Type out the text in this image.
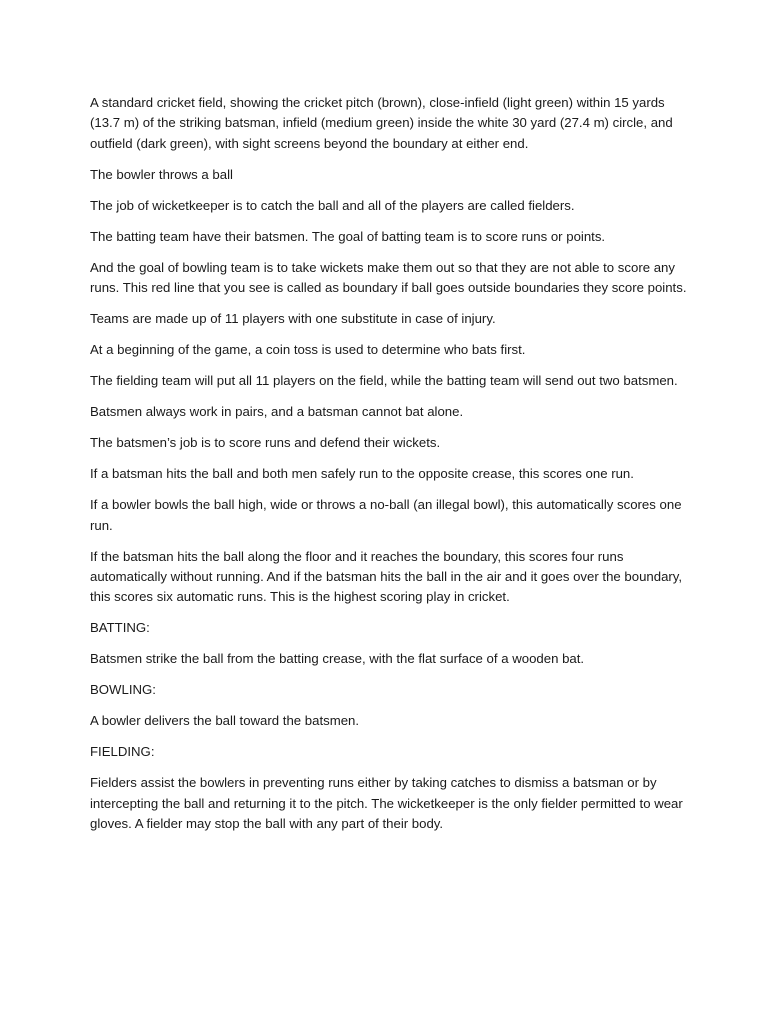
A standard cricket field, showing the cricket pitch (brown), close-infield (light green) within 15 yards (13.7 m) of the striking batsman, infield (medium green) inside the white 30 yard (27.4 m) circle, and outfield (dark green), with sight screens beyond the boundary at either end.

The bowler throws a ball

The job of wicketkeeper is to catch the ball and all of the players are called fielders.

The batting team have their batsmen. The goal of batting team is to score runs or points.

And the goal of bowling team is to take wickets make them out so that they are not able to score any runs. This red line that you see is called as boundary if ball goes outside boundaries they score points.

Teams are made up of 11 players with one substitute in case of injury.

At a beginning of the game, a coin toss is used to determine who bats first.

The fielding team will put all 11 players on the field, while the batting team will send out two batsmen.

Batsmen always work in pairs, and a batsman cannot bat alone.

The batsmen’s job is to score runs and defend their wickets.

If a batsman hits the ball and both men safely run to the opposite crease, this scores one run.

If a bowler bowls the ball high, wide or throws a no-ball (an illegal bowl), this automatically scores one run.

If the batsman hits the ball along the floor and it reaches the boundary, this scores four runs automatically without running. And if the batsman hits the ball in the air and it goes over the boundary, this scores six automatic runs. This is the highest scoring play in cricket.

BATTING:

Batsmen strike the ball from the batting crease, with the flat surface of a wooden bat.

BOWLING:

A bowler delivers the ball toward the batsmen.

FIELDING:

Fielders assist the bowlers in preventing runs either by taking catches to dismiss a batsman or by intercepting the ball and returning it to the pitch. The wicketkeeper is the only fielder permitted to wear gloves. A fielder may stop the ball with any part of their body.
